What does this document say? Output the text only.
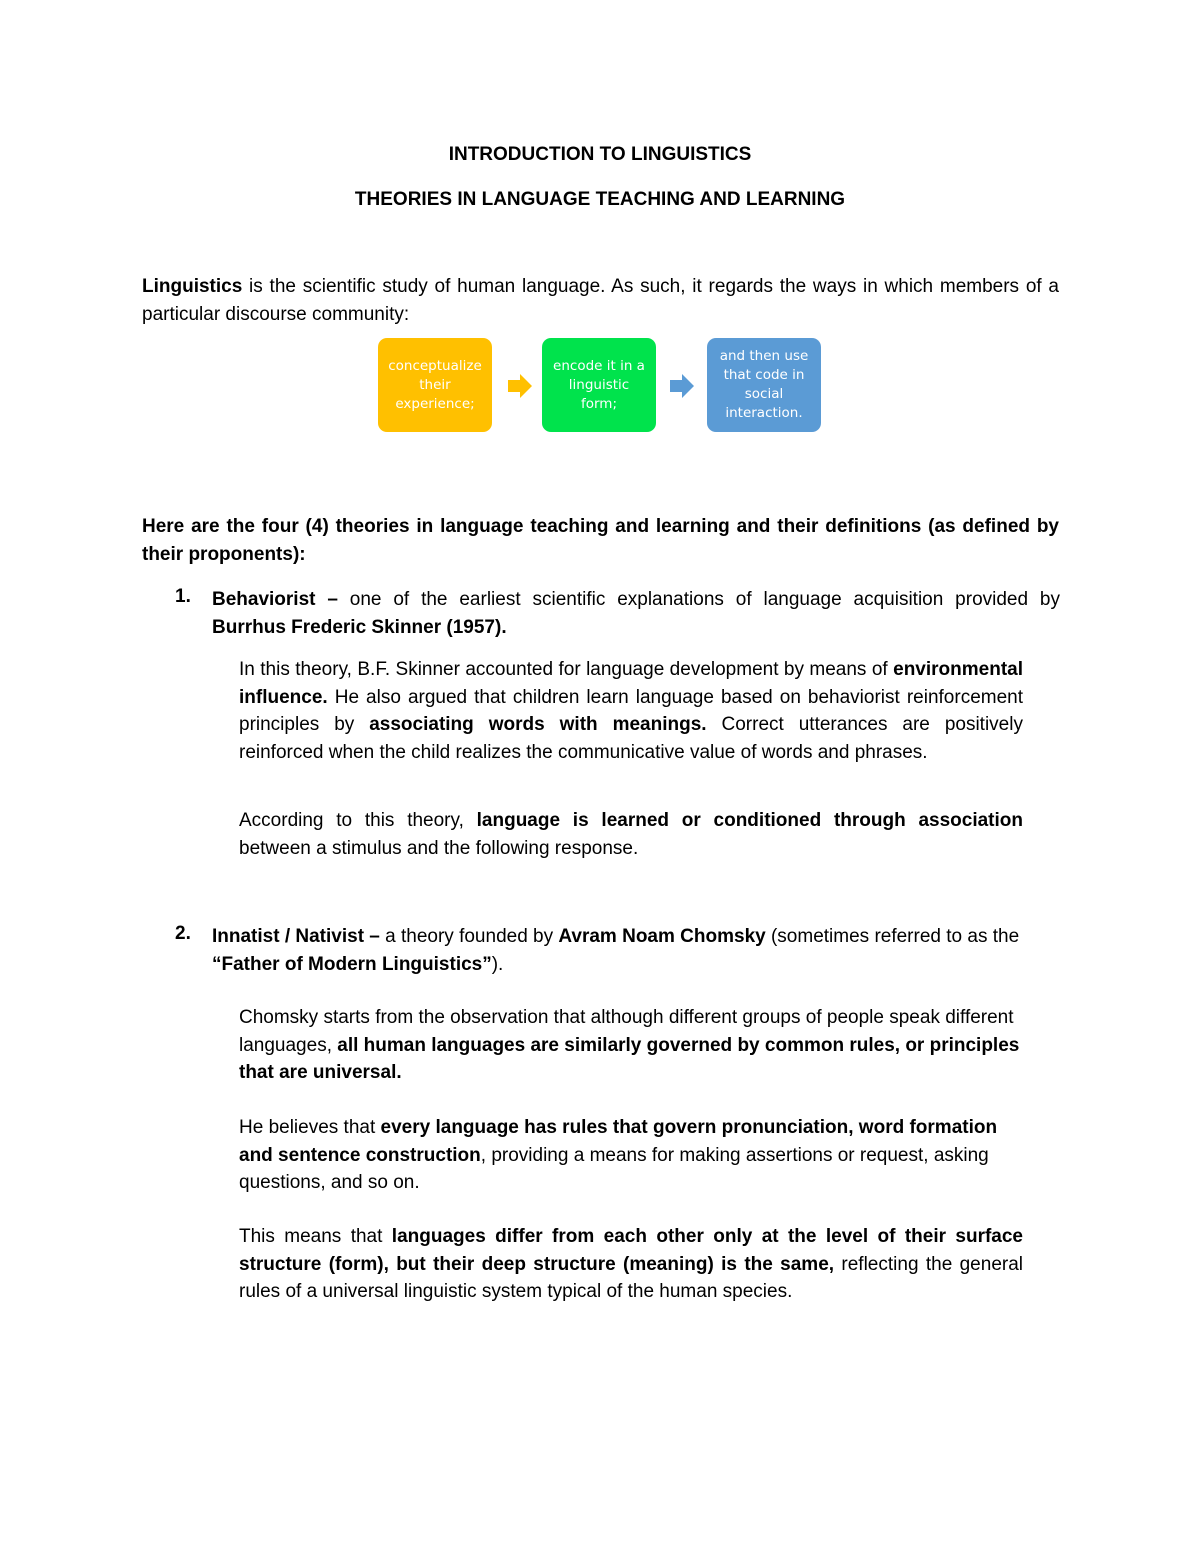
INTRODUCTION TO LINGUISTICS
THEORIES IN LANGUAGE TEACHING AND LEARNING
Linguistics is the scientific study of human language. As such, it regards the ways in which members of a particular discourse community:
conceptualize their experience;
encode it in a linguistic form;
and then use that code in social interaction.
Here are the four (4) theories in language teaching and learning and their definitions (as defined by their proponents):
1. Behaviorist – one of the earliest scientific explanations of language acquisition provided by Burrhus Frederic Skinner (1957).
In this theory, B.F. Skinner accounted for language development by means of environmental influence. He also argued that children learn language based on behaviorist reinforcement principles by associating words with meanings. Correct utterances are positively reinforced when the child realizes the communicative value of words and phrases.
According to this theory, language is learned or conditioned through association between a stimulus and the following response.
2. Innatist / Nativist – a theory founded by Avram Noam Chomsky (sometimes referred to as the “Father of Modern Linguistics”).
Chomsky starts from the observation that although different groups of people speak different languages, all human languages are similarly governed by common rules, or principles that are universal.
He believes that every language has rules that govern pronunciation, word formation and sentence construction, providing a means for making assertions or request, asking questions, and so on.
This means that languages differ from each other only at the level of their surface structure (form), but their deep structure (meaning) is the same, reflecting the general rules of a universal linguistic system typical of the human species.
